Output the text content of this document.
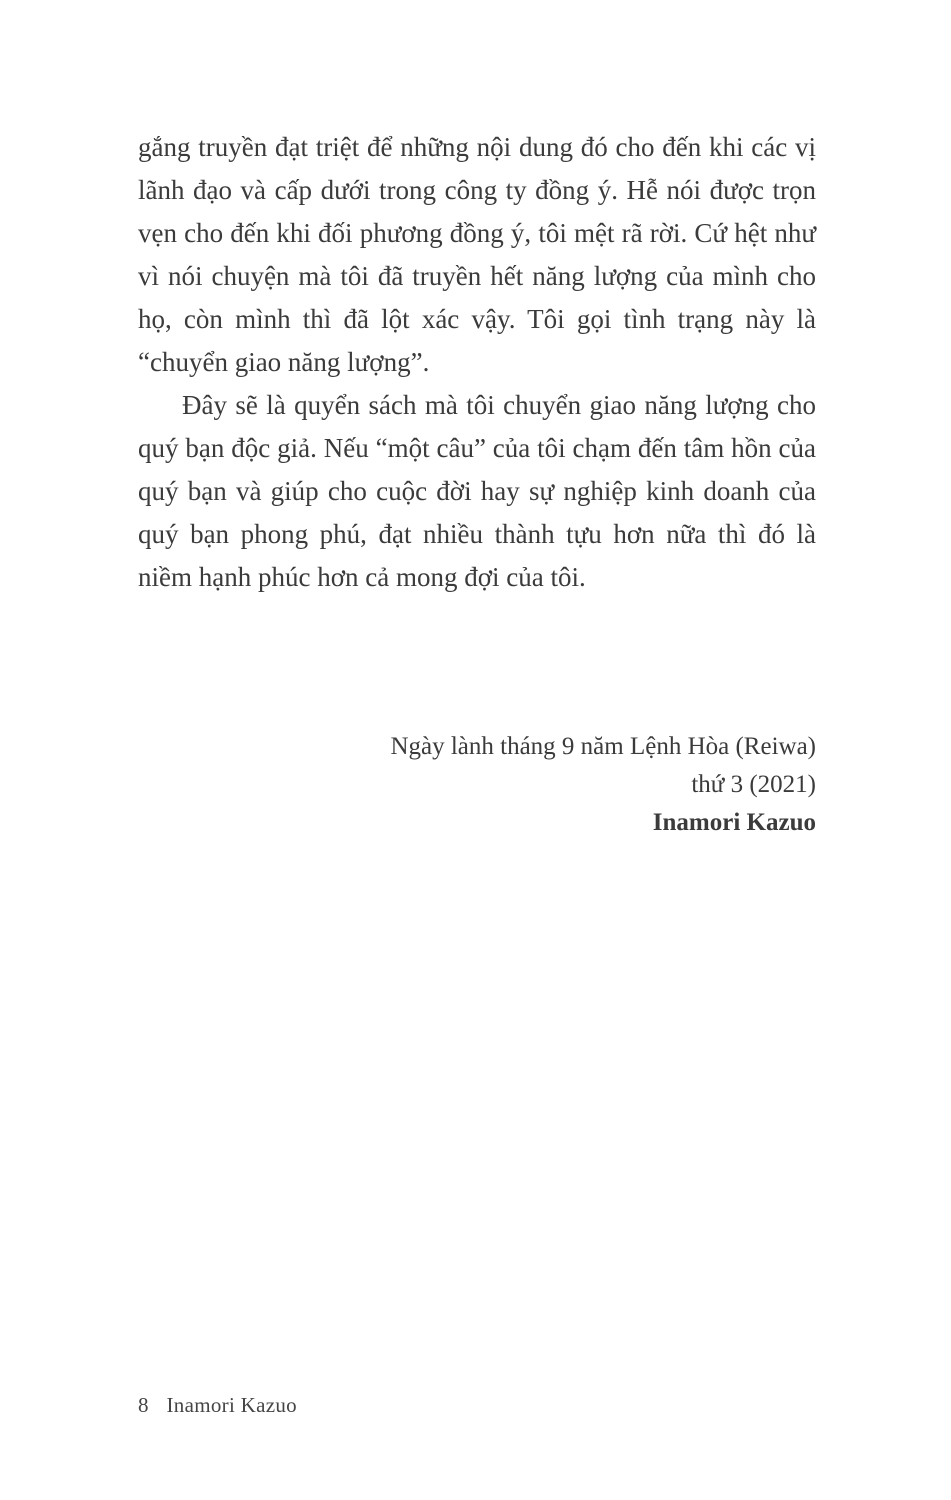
gắng truyền đạt triệt để những nội dung đó cho đến khi các vị lãnh đạo và cấp dưới trong công ty đồng ý. Hễ nói được trọn vẹn cho đến khi đối phương đồng ý, tôi mệt rã rời. Cứ hệt như vì nói chuyện mà tôi đã truyền hết năng lượng của mình cho họ, còn mình thì đã lột xác vậy. Tôi gọi tình trạng này là “chuyển giao năng lượng”.

Đây sẽ là quyển sách mà tôi chuyển giao năng lượng cho quý bạn độc giả. Nếu “một câu” của tôi chạm đến tâm hồn của quý bạn và giúp cho cuộc đời hay sự nghiệp kinh doanh của quý bạn phong phú, đạt nhiều thành tựu hơn nữa thì đó là niềm hạnh phúc hơn cả mong đợi của tôi.

Ngày lành tháng 9 năm Lệnh Hòa (Reiwa)
thứ 3 (2021)
Inamori Kazuo
8 Inamori Kazuo
